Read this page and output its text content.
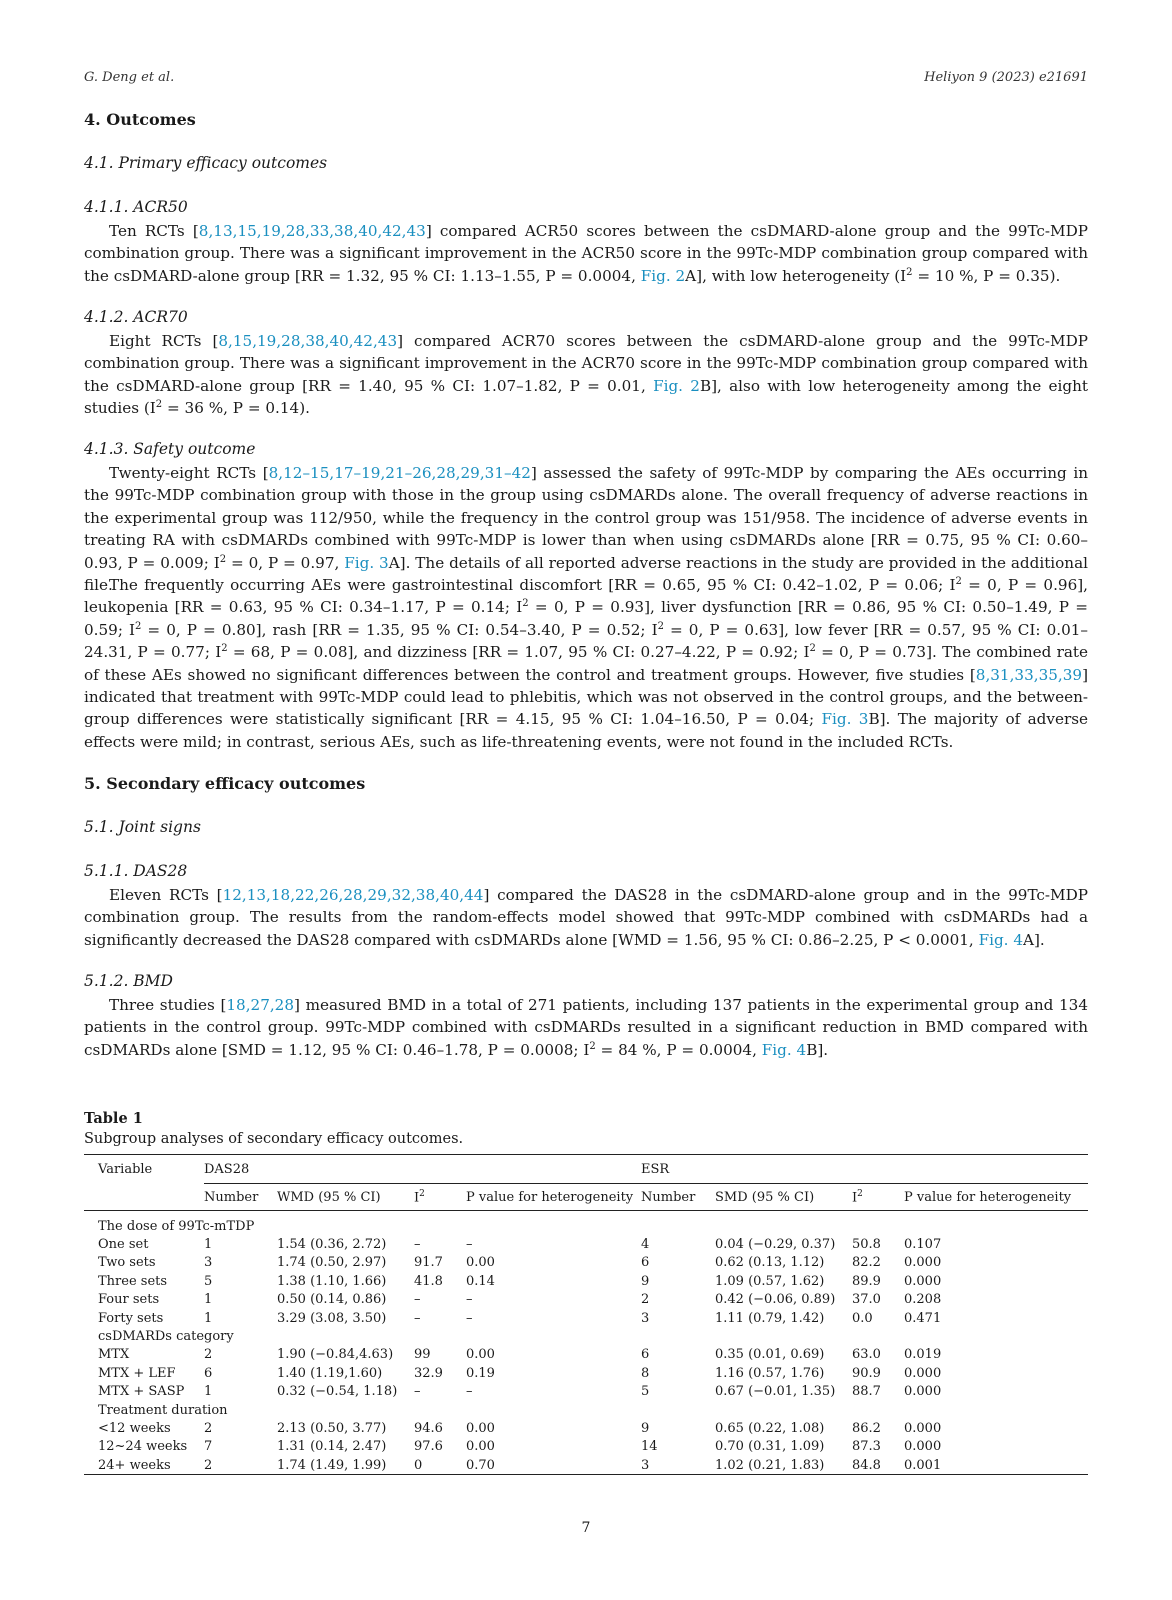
G. Deng et al.	Heliyon 9 (2023) e21691
4. Outcomes
4.1. Primary efficacy outcomes
4.1.1. ACR50

Ten RCTs [8,13,15,19,28,33,38,40,42,43] compared ACR50 scores between the csDMARD-alone group and the 99Tc-MDP combination group. There was a significant improvement in the ACR50 score in the 99Tc-MDP combination group compared with the csDMARD-alone group [RR = 1.32, 95 % CI: 1.13–1.55, P = 0.0004, Fig. 2A], with low heterogeneity ($I^2 = 10$ %, P = 0.35).

4.1.2. ACR70

Eight RCTs [8,15,19,28,38,40,42,43] compared ACR70 scores between the csDMARD-alone group and the 99Tc-MDP combination group. There was a significant improvement in the ACR70 score in the 99Tc-MDP combination group compared with the csDMARD-alone group [RR = 1.40, 95 % CI: 1.07–1.82, P = 0.01, Fig. 2B], also with low heterogeneity among the eight studies ($I^2 = 36$ %, P = 0.14).

4.1.3. Safety outcome

Twenty-eight RCTs [8,12–15,17–19,21–26,28,29,31–42] assessed the safety of 99Tc-MDP by comparing the AEs occurring in the 99Tc-MDP combination group with those in the group using csDMARDs alone. The overall frequency of adverse reactions in the experimental group was 112/950, while the frequency in the control group was 151/958. The incidence of adverse events in treating RA with csDMARDs combined with 99Tc-MDP is lower than when using csDMARDs alone [RR = 0.75, 95 % CI: 0.60–0.93, P = 0.009; $I^2 = 0$, P = 0.97, Fig. 3A]. The details of all reported adverse reactions in the study are provided in the additional file.

The frequently occurring AEs were gastrointestinal discomfort [RR = 0.65, 95 % CI: 0.42–1.02, P = 0.06; $I^2 = 0$, P = 0.96], leukopenia [RR = 0.63, 95 % CI: 0.34–1.17, P = 0.14; $I^2 = 0$, P = 0.93], liver dysfunction [RR = 0.86, 95 % CI: 0.50–1.49, P = 0.59; $I^2 = 0$, P = 0.80], rash [RR = 1.35, 95 % CI: 0.54–3.40, P = 0.52; $I^2 = 0$, P = 0.63], low fever [RR = 0.57, 95 % CI: 0.01–24.31, P = 0.77; $I^2 = 68$, P = 0.08], and dizziness [RR = 1.07, 95 % CI: 0.27–4.22, P = 0.92; $I^2 = 0$, P = 0.73]. The combined rate of these AEs showed no significant differences between the control and treatment groups. However, five studies [8,31,33,35,39] indicated that treatment with 99Tc-MDP could lead to phlebitis, which was not observed in the control groups, and the between-group differences were statistically significant [RR = 4.15, 95 % CI: 1.04–16.50, P = 0.04; Fig. 3B]. The majority of adverse effects were mild; in contrast, serious AEs, such as life-threatening events, were not found in the included RCTs.

5. Secondary efficacy outcomes
5.1. Joint signs
5.1.1. DAS28

Eleven RCTs [12,13,18,22,26,28,29,32,38,40,44] compared the DAS28 in the csDMARD-alone group and in the 99Tc-MDP combination group. The results from the random-effects model showed that 99Tc-MDP combined with csDMARDs had a significantly decreased the DAS28 compared with csDMARDs alone [WMD = 1.56, 95 % CI: 0.86–2.25, P < 0.0001, Fig. 4A].

5.1.2. BMD

Three studies [18,27,28] measured BMD in a total of 271 patients, including 137 patients in the experimental group and 134 patients in the control group. 99Tc-MDP combined with csDMARDs resulted in a significant reduction in BMD compared with csDMARDs alone [SMD = 1.12, 95 % CI: 0.46–1.78, P = 0.0008; $I^2 = 84$ %, P = 0.0004, Fig. 4B].

Table 1
Subgroup analyses of secondary efficacy outcomes.
Variable	DAS28				ESR			
	Number	WMD (95 % CI)	$I^2$	P value for heterogeneity	Number	SMD (95 % CI)	$I^2$	P value for heterogeneity
The dose of 99Tc-mTDP								
One set	1	1.54 (0.36, 2.72)	–	–	4	0.04 (−0.29, 0.37)	50.8	0.107
Two sets	3	1.74 (0.50, 2.97)	91.7	0.00	6	0.62 (0.13, 1.12)	82.2	0.000
Three sets	5	1.38 (1.10, 1.66)	41.8	0.14	9	1.09 (0.57, 1.62)	89.9	0.000
Four sets	1	0.50 (0.14, 0.86)	–	–	2	0.42 (−0.06, 0.89)	37.0	0.208
Forty sets	1	3.29 (3.08, 3.50)	–	–	3	1.11 (0.79, 1.42)	0.0	0.471
csDMARDs category								
MTX	2	1.90 (−0.84,4.63)	99	0.00	6	0.35 (0.01, 0.69)	63.0	0.019
MTX + LEF	6	1.40 (1.19,1.60)	32.9	0.19	8	1.16 (0.57, 1.76)	90.9	0.000
MTX + SASP	1	0.32 (−0.54, 1.18)	–	–	5	0.67 (−0.01, 1.35)	88.7	0.000
Treatment duration								
<12 weeks	2	2.13 (0.50, 3.77)	94.6	0.00	9	0.65 (0.22, 1.08)	86.2	0.000
12~24 weeks	7	1.31 (0.14, 2.47)	97.6	0.00	14	0.70 (0.31, 1.09)	87.3	0.000
24+ weeks	2	1.74 (1.49, 1.99)	0	0.70	3	1.02 (0.21, 1.83)	84.8	0.001
7
